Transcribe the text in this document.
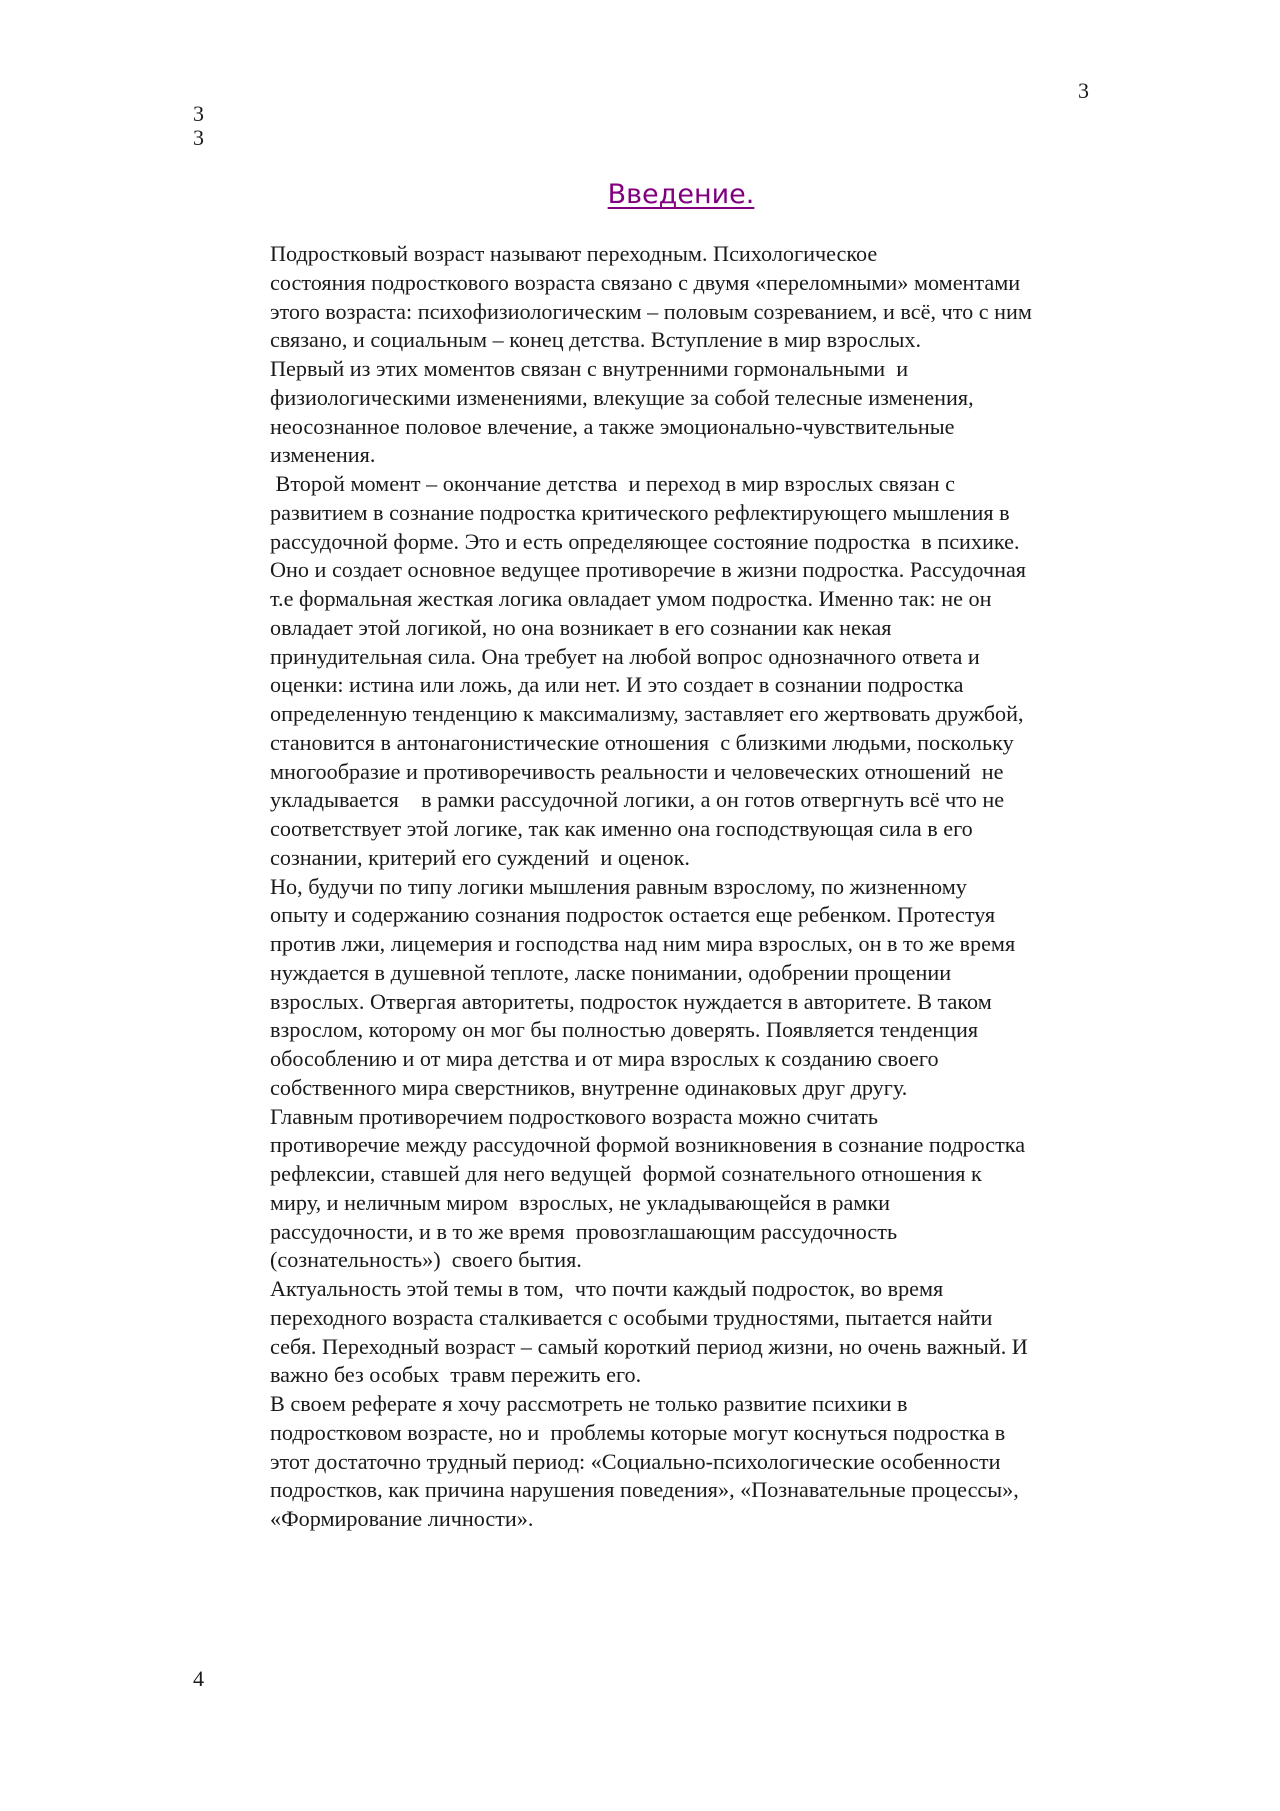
3
3
3
Введение.

Подростковый возраст называют переходным. Психологическое
состояния подросткового возраста связано с двумя «переломными» моментами
этого возраста: психофизиологическим – половым созреванием, и всё, что с ним
связано, и социальным – конец детства. Вступление в мир взрослых.

Первый из этих моментов связан с внутренними гормональными  и
физиологическими изменениями, влекущие за собой телесные изменения,
неосознанное половое влечение, а также эмоционально-чувствительные
изменения.

Второй момент – окончание детства  и переход в мир взрослых связан с
развитием в сознание подростка критического рефлектирующего мышления в
рассудочной форме. Это и есть определяющее состояние подростка  в психике.
Оно и создает основное ведущее противоречие в жизни подростка. Рассудочная
т.е формальная жесткая логика овладает умом подростка. Именно так: не он
овладает этой логикой, но она возникает в его сознании как некая
принудительная сила. Она требует на любой вопрос однозначного ответа и
оценки: истина или ложь, да или нет. И это создает в сознании подростка
определенную тенденцию к максимализму, заставляет его жертвовать дружбой,
становится в антонагонистические отношения  с близкими людьми, поскольку
многообразие и противоречивость реальности и человеческих отношений  не
укладывается    в рамки рассудочной логики, а он готов отвергнуть всё что не
соответствует этой логике, так как именно она господствующая сила в его
сознании, критерий его суждений  и оценок.

Но, будучи по типу логики мышления равным взрослому, по жизненному
опыту и содержанию сознания подросток остается еще ребенком. Протестуя
против лжи, лицемерия и господства над ним мира взрослых, он в то же время
нуждается в душевной теплоте, ласке понимании, одобрении прощении
взрослых. Отвергая авторитеты, подросток нуждается в авторитете. В таком
взрослом, которому он мог бы полностью доверять. Появляется тенденция
обособлению и от мира детства и от мира взрослых к созданию своего
собственного мира сверстников, внутренне одинаковых друг другу.

Главным противоречием подросткового возраста можно считать
противоречие между рассудочной формой возникновения в сознание подростка
рефлексии, ставшей для него ведущей  формой сознательного отношения к
миру, и неличным миром  взрослых, не укладывающейся в рамки
рассудочности, и в то же время  провозглашающим рассудочность
(сознательность»)  своего бытия.

Актуальность этой темы в том,  что почти каждый подросток, во время
переходного возраста сталкивается с особыми трудностями, пытается найти
себя. Переходный возраст – самый короткий период жизни, но очень важный. И
важно без особых  травм пережить его.

В своем реферате я хочу рассмотреть не только развитие психики в
подростковом возрасте, но и  проблемы которые могут коснуться подростка в
этот достаточно трудный период: «Социально-психологические особенности
подростков, как причина нарушения поведения», «Познавательные процессы»,
«Формирование личности».

4
